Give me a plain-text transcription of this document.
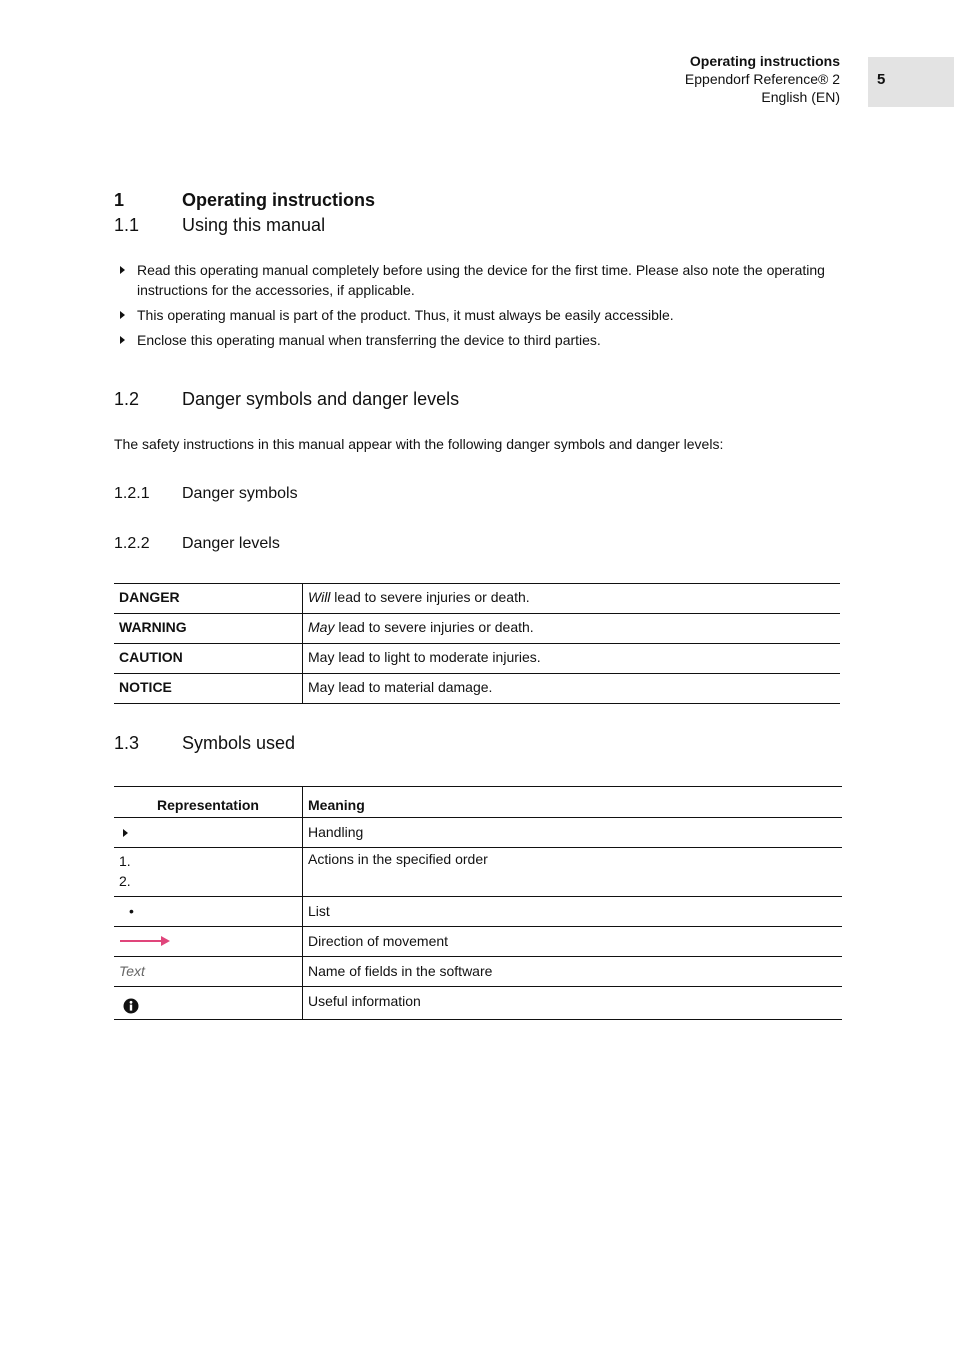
Operating instructions
Eppendorf Reference® 2
English (EN)
5
1	Operating instructions
1.1 Using this manual
Read this operating manual completely before using the device for the first time. Please also note the operating instructions for the accessories, if applicable.
This operating manual is part of the product. Thus, it must always be easily accessible.
Enclose this operating manual when transferring the device to third parties.
1.2 Danger symbols and danger levels
The safety instructions in this manual appear with the following danger symbols and danger levels:
1.2.1 Danger symbols
1.2.2 Danger levels
DANGER	Will lead to severe injuries or death.
WARNING	May lead to severe injuries or death.
CAUTION	May lead to light to moderate injuries.
NOTICE	May lead to material damage.
1.3 Symbols used
Representation	Meaning
	Handling

1.
2.	Actions in the specified order
•	List

	Direction of movement
Text	Name of fields in the software

	Useful information
